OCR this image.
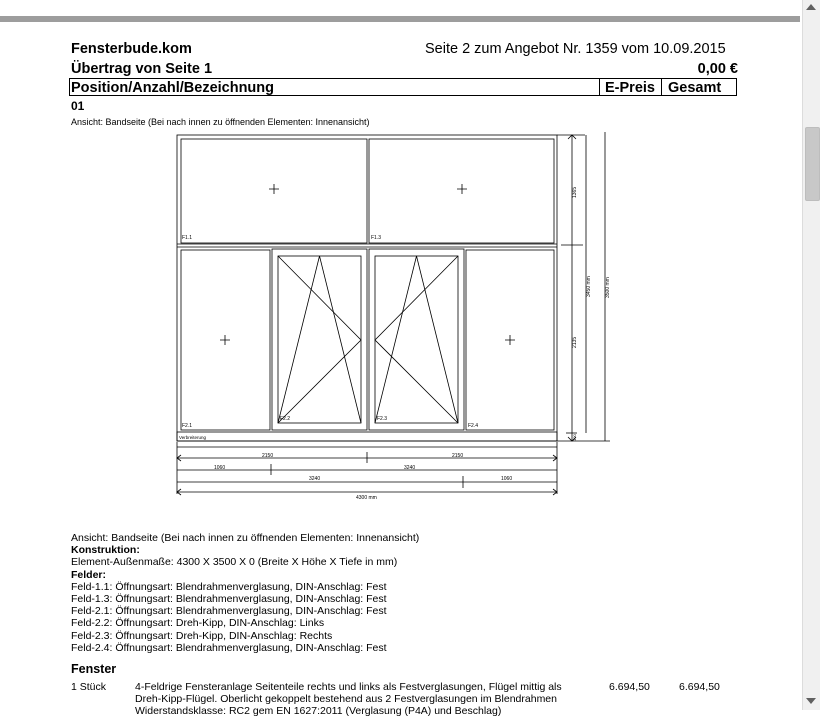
Fensterbude.kom	Seite 2 zum Angebot Nr. 1359 vom 10.09.2015
Übertrag von Seite 1	0,00 €
Position/Anzahl/Bezeichnung	E-Preis Gesamt
01
Ansicht: Bandseite (Bei nach innen zu öffnenden Elementen: Innenansicht)
F1.1	F1.3
F2.1
F2.2	F2.3
F2.4
Verbreiterung
2150	2150
1060	3240
3240	1060
4300 mm
1365
2135
100
3450 mm	3500 mm
Ansicht: Bandseite (Bei nach innen zu öffnenden Elementen: Innenansicht)
Konstruktion:
Element-Außenmaße: 4300 X 3500 X 0 (Breite X Höhe X Tiefe in mm)
Felder:
Feld-1.1: Öffnungsart: Blendrahmenverglasung, DIN-Anschlag: Fest
Feld-1.3: Öffnungsart: Blendrahmenverglasung, DIN-Anschlag: Fest
Feld-2.1: Öffnungsart: Blendrahmenverglasung, DIN-Anschlag: Fest
Feld-2.2: Öffnungsart: Dreh-Kipp, DIN-Anschlag: Links
Feld-2.3: Öffnungsart: Dreh-Kipp, DIN-Anschlag: Rechts
Feld-2.4: Öffnungsart: Blendrahmenverglasung, DIN-Anschlag: Fest
Fenster
1 Stück	4-Feldrige Fensteranlage Seitenteile rechts und links als Festverglasungen, Flügel mittig als
Dreh-Kipp-Flügel. Oberlicht gekoppelt bestehend aus 2 Festverglasungen im Blendrahmen
Widerstandsklasse: RC2 gem EN 1627:2011 (Verglasung (P4A) und Beschlag)
6.694,50	6.694,50
